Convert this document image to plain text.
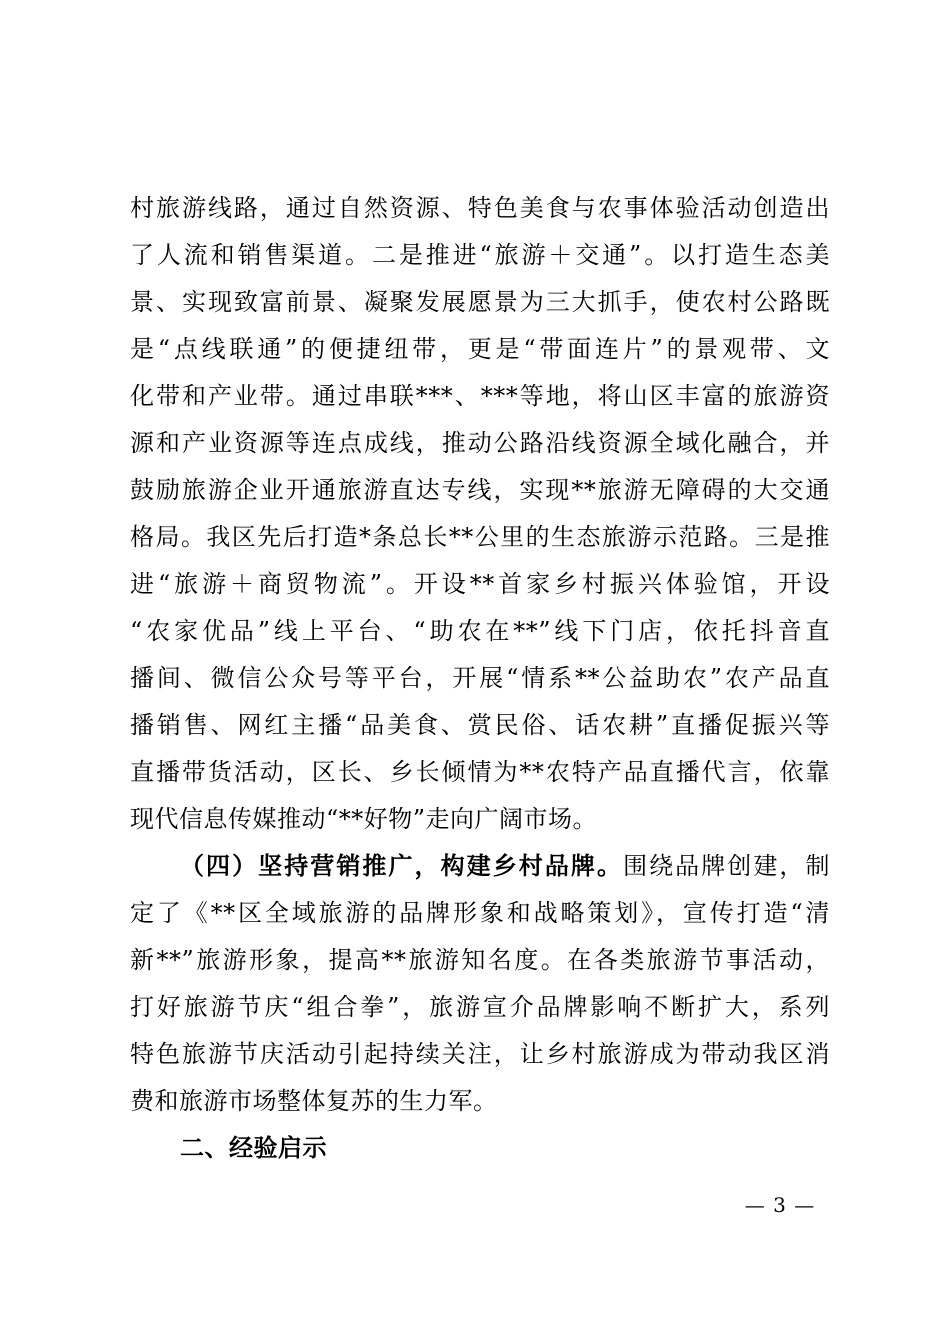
村旅游线路，通过自然资源、特色美食与农事体验活动创造出
了人流和销售渠道。二是推进“旅游＋交通”。以打造生态美
景、实现致富前景、凝聚发展愿景为三大抓手，使农村公路既
是“点线联通”的便捷纽带，更是“带面连片”的景观带、文
化带和产业带。通过串联***、***等地，将山区丰富的旅游资
源和产业资源等连点成线，推动公路沿线资源全域化融合，并
鼓励旅游企业开通旅游直达专线，实现**旅游无障碍的大交通
格局。我区先后打造*条总长**公里的生态旅游示范路。三是推
进“旅游＋商贸物流”。开设**首家乡村振兴体验馆，开设
“农家优品”线上平台、“助农在**”线下门店，依托抖音直
播间、微信公众号等平台，开展“情系**公益助农”农产品直
播销售、网红主播“品美食、赏民俗、话农耕”直播促振兴等
直播带货活动，区长、乡长倾情为**农特产品直播代言，依靠
现代信息传媒推动“**好物”走向广阔市场。
（四）坚持营销推广，构建乡村品牌。围绕品牌创建，制
定了《**区全域旅游的品牌形象和战略策划》，宣传打造“清
新**”旅游形象，提高**旅游知名度。在各类旅游节事活动，
打好旅游节庆“组合拳”，旅游宣介品牌影响不断扩大，系列
特色旅游节庆活动引起持续关注，让乡村旅游成为带动我区消
费和旅游市场整体复苏的生力军。
二、经验启示
— 3 —
